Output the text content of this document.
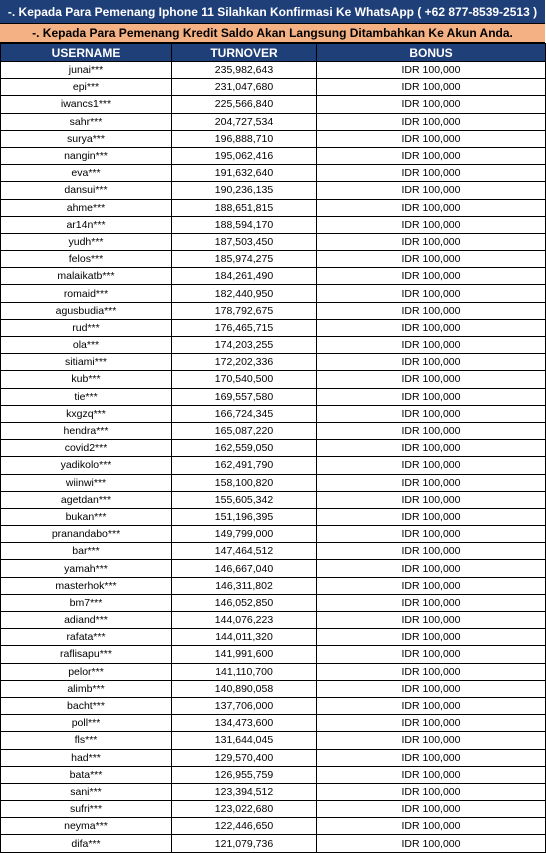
-. Kepada Para Pemenang Iphone 11 Silahkan Konfirmasi Ke WhatsApp ( +62 877-8539-2513 )
-. Kepada Para Pemenang Kredit Saldo Akan Langsung Ditambahkan Ke Akun Anda.
USERNAME	TURNOVER	BONUS
junai***	235,982,643	IDR 100,000
epi***	231,047,680	IDR 100,000
iwancs1***	225,566,840	IDR 100,000
sahr***	204,727,534	IDR 100,000
surya***	196,888,710	IDR 100,000
nangin***	195,062,416	IDR 100,000
eva***	191,632,640	IDR 100,000
dansui***	190,236,135	IDR 100,000
ahme***	188,651,815	IDR 100,000
ar14n***	188,594,170	IDR 100,000
yudh***	187,503,450	IDR 100,000
felos***	185,974,275	IDR 100,000
malaikatb***	184,261,490	IDR 100,000
romaid***	182,440,950	IDR 100,000
agusbudia***	178,792,675	IDR 100,000
rud***	176,465,715	IDR 100,000
ola***	174,203,255	IDR 100,000
sitiami***	172,202,336	IDR 100,000
kub***	170,540,500	IDR 100,000
tie***	169,557,580	IDR 100,000
kxgzq***	166,724,345	IDR 100,000
hendra***	165,087,220	IDR 100,000
covid2***	162,559,050	IDR 100,000
yadikolo***	162,491,790	IDR 100,000
wiinwi***	158,100,820	IDR 100,000
agetdan***	155,605,342	IDR 100,000
bukan***	151,196,395	IDR 100,000
pranandabo***	149,799,000	IDR 100,000
bar***	147,464,512	IDR 100,000
yamah***	146,667,040	IDR 100,000
masterhok***	146,311,802	IDR 100,000
bm7***	146,052,850	IDR 100,000
adiand***	144,076,223	IDR 100,000
rafata***	144,011,320	IDR 100,000
raflisapu***	141,991,600	IDR 100,000
pelor***	141,110,700	IDR 100,000
alimb***	140,890,058	IDR 100,000
bacht***	137,706,000	IDR 100,000
poll***	134,473,600	IDR 100,000
fls***	131,644,045	IDR 100,000
had***	129,570,400	IDR 100,000
bata***	126,955,759	IDR 100,000
sani***	123,394,512	IDR 100,000
sufri***	123,022,680	IDR 100,000
neyma***	122,446,650	IDR 100,000
difa***	121,079,736	IDR 100,000
